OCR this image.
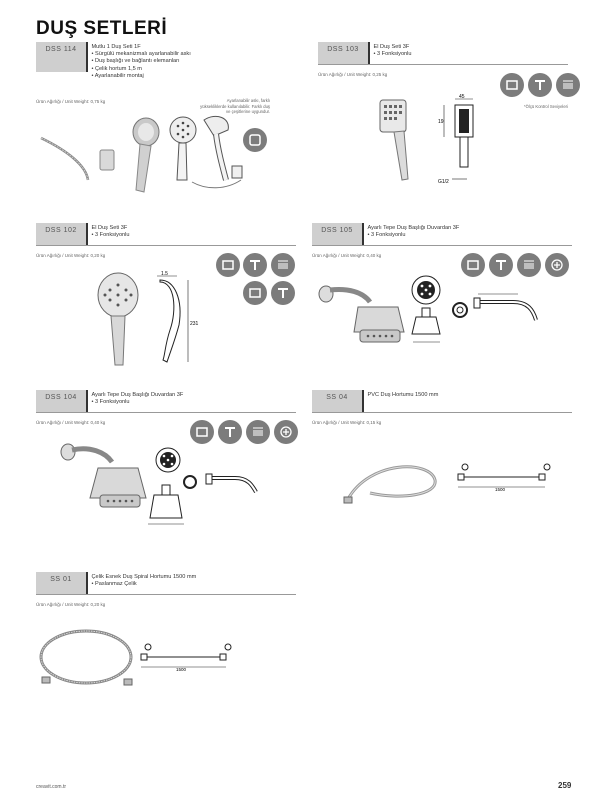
DUŞ SETLERİ
DSS 114	Mutlu 1 Duş Seti 1F
• Sürgülü mekanizmalı ayarlanabilir askı
• Duş başlığı ve bağlantı elemanları
• Çelik hortum 1,5 m
• Ayarlanabilir montaj
Ürün Ağırlığı / Unit Weight: 0,75 kg	Ayarlanabilir askı, farklı yüksekliklerde kullanılabilir. Farklı duş ve çeşitlerine uygundur.
DSS 103	El Duş Seti 3F
• 3 Fonksiyonlu
Ürün Ağırlığı / Unit Weight: 0,25 kg
*Ölçü Kontrol Seviyeleri
45
19
G1/2
DSS 102	El Duş Seti 3F
• 3 Fonksiyonlu
Ürün Ağırlığı / Unit Weight: 0,20 kg
1.5
231
DSS 105	Ayarlı Tepe Duş Başlığı Duvardan 3F
• 3 Fonksiyonlu
Ürün Ağırlığı / Unit Weight: 0,40 kg
DSS 104	Ayarlı Tepe Duş Başlığı Duvardan 3F
• 3 Fonksiyonlu
Ürün Ağırlığı / Unit Weight: 0,40 kg
SS 04	PVC Duş Hortumu 1500 mm
Ürün Ağırlığı / Unit Weight: 0,15 kg
1500
SS 01	Çelik Esnek Duş Spiral Hortumu 1500 mm
• Paslanmaz Çelik
Ürün Ağırlığı / Unit Weight: 0,20 kg
1500
creavit.com.tr	259
